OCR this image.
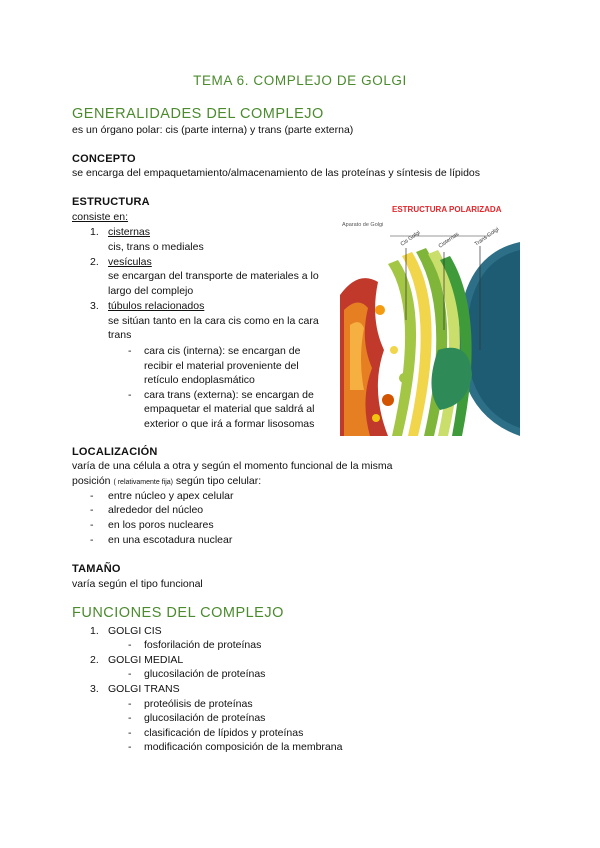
TEMA 6. COMPLEJO DE GOLGI
GENERALIDADES DEL COMPLEJO
es un órgano polar: cis (parte interna) y trans (parte externa)
CONCEPTO
se encarga del empaquetamiento/almacenamiento de las proteínas y síntesis de lípidos
ESTRUCTURA
consiste en:
1. cisternas
cis, trans o mediales
2. vesículas
se encargan del transporte de materiales a lo
largo del complejo
3. túbulos relacionados
se sitúan tanto en la cara cis como en la cara
trans
- cara cis (interna): se encargan de
recibir el material proveniente del
retículo endoplasmático
- cara trans (externa): se encargan de
empaquetar el material que saldrá al
exterior o que irá a formar lisosomas
ESTRUCTURA POLARIZADA
Aparato de Golgi
Cis Golgi	Cisternas Trans Golgi
LOCALIZACIÓN
varía de una célula a otra y según el momento funcional de la misma
posición ( relativamente fija) según tipo celular:
- entre núcleo y apex celular
- alrededor del núcleo
- en los poros nucleares
- en una escotadura nuclear
TAMAÑO
varía según el tipo funcional
FUNCIONES DEL COMPLEJO
1. GOLGI CIS
- fosforilación de proteínas
2. GOLGI MEDIAL
- glucosilación de proteínas
3. GOLGI TRANS
- proteólisis de proteínas
- glucosilación de proteínas
- clasificación de lípidos y proteínas
- modificación composición de la membrana
